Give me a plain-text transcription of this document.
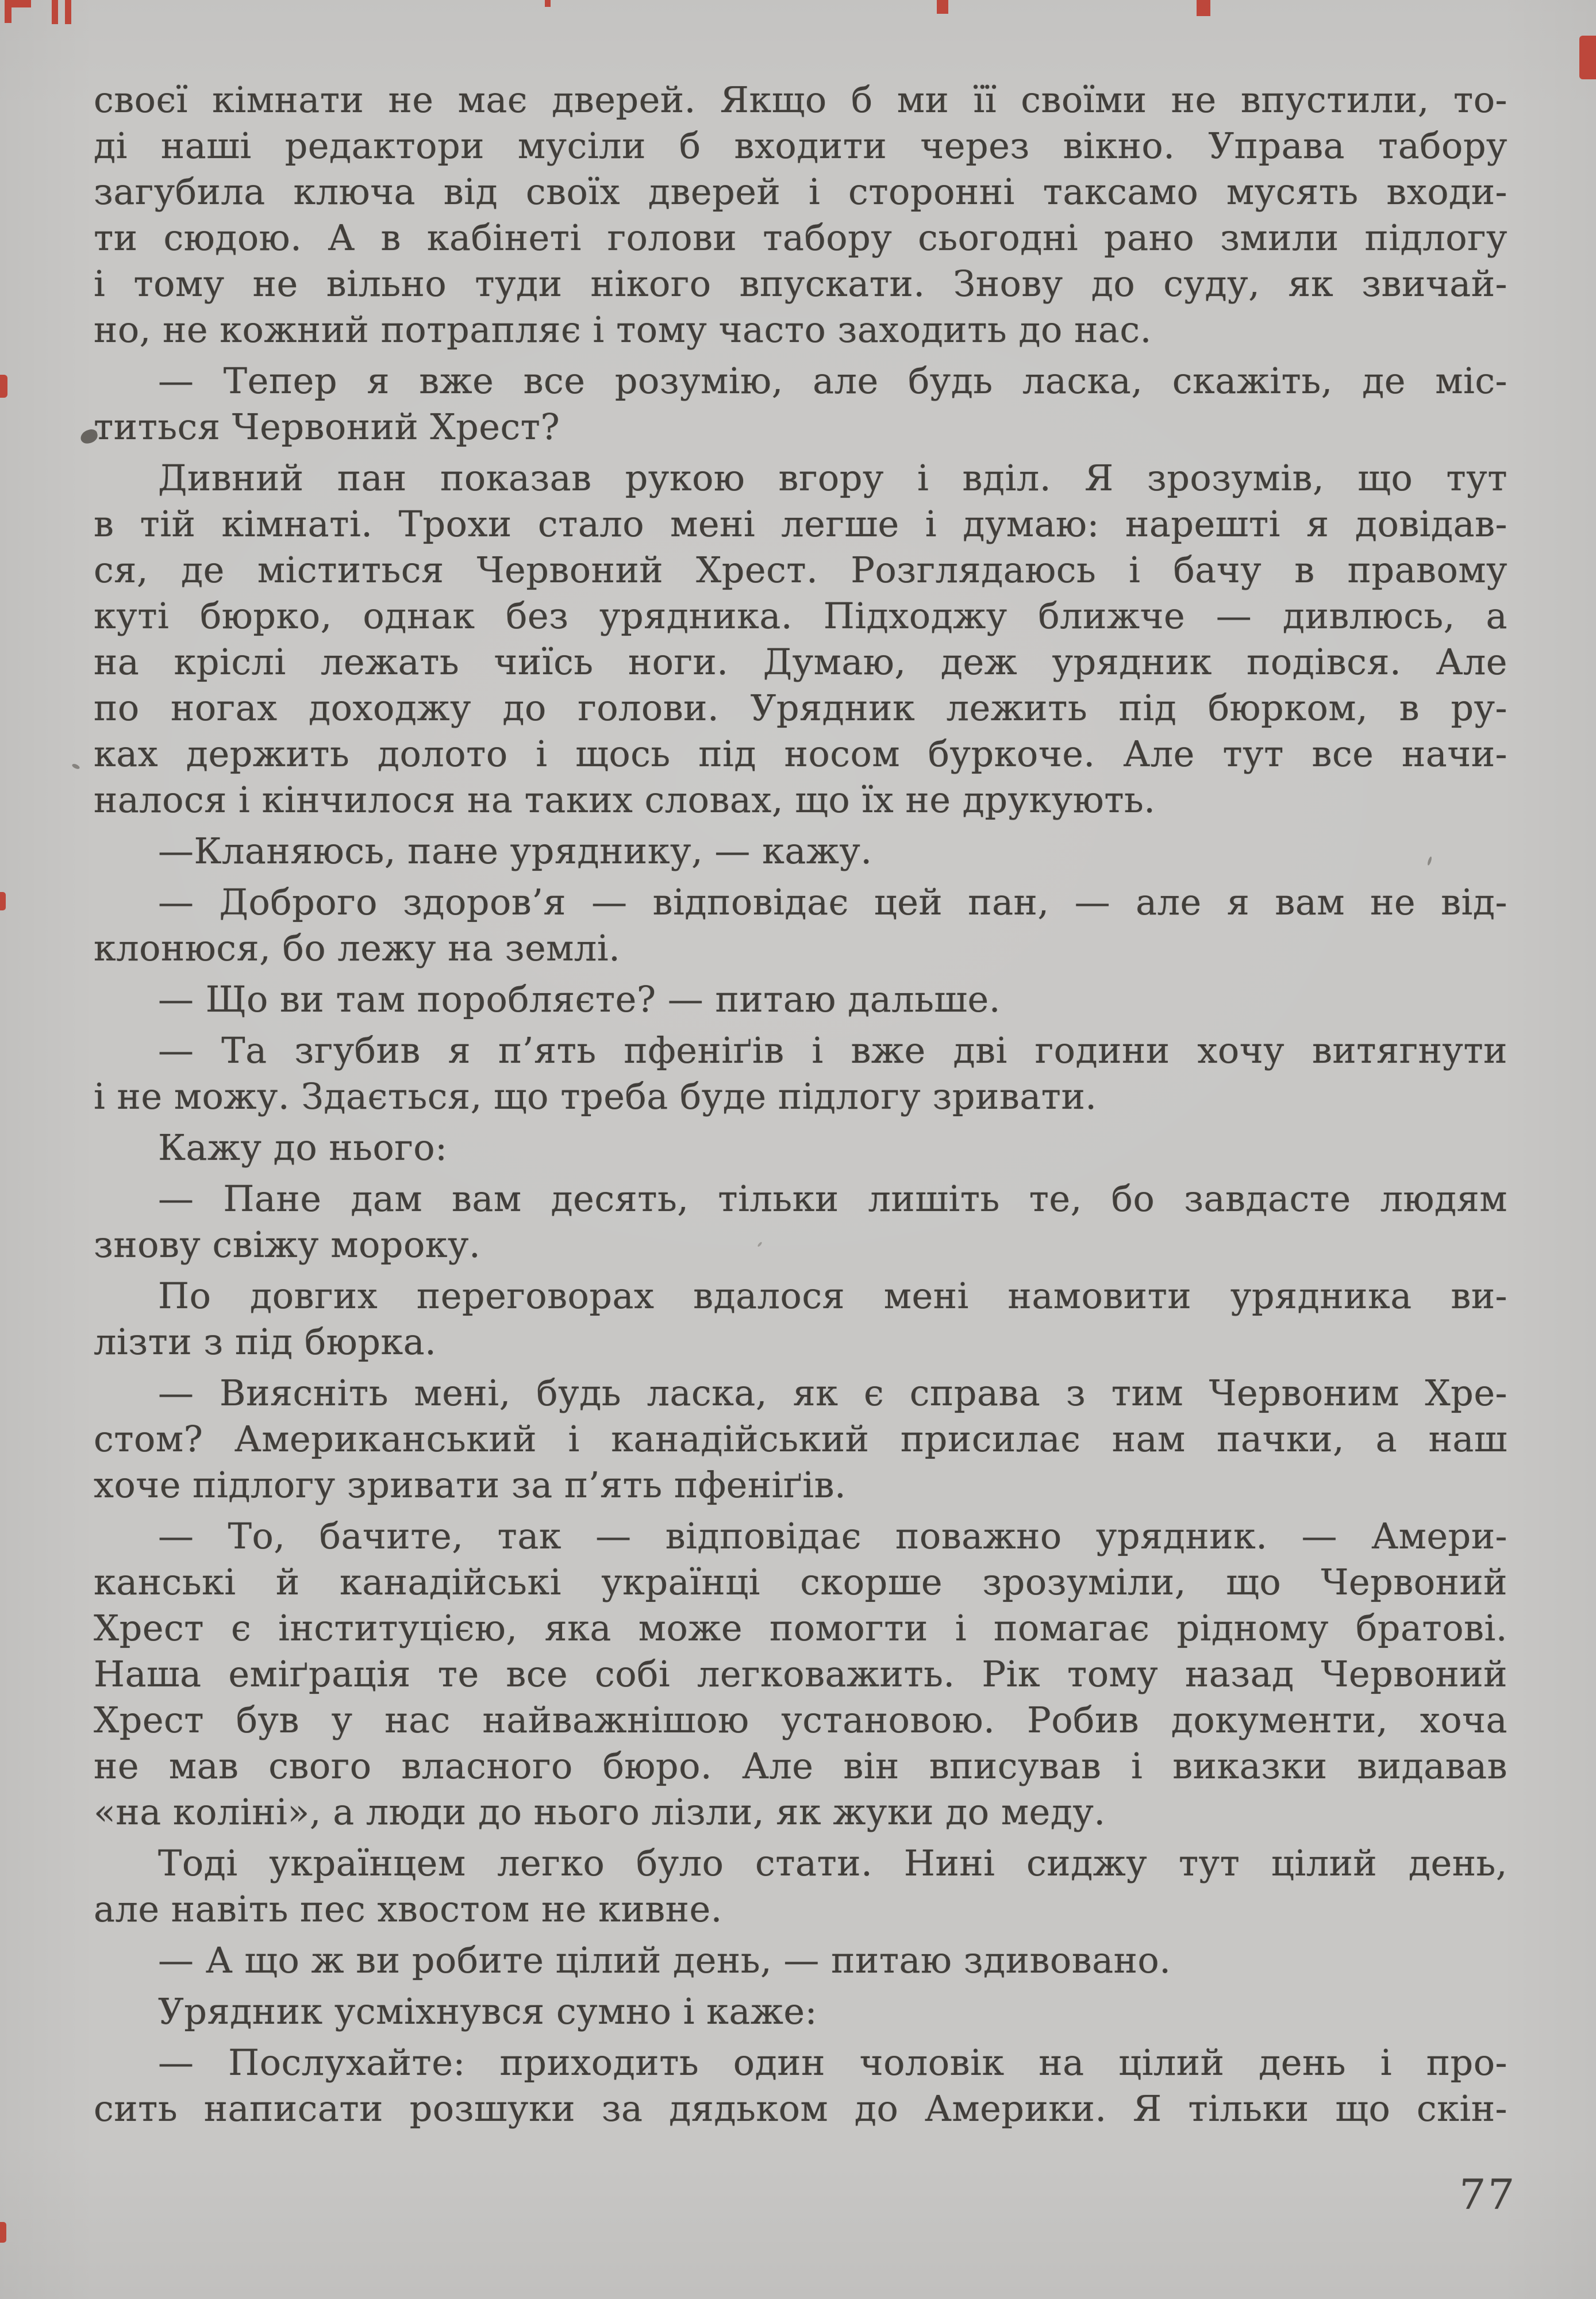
своєї кімнати не має дверей. Якщо б ми її своїми не впустили, то-
ді наші редактори мусіли б входити через вікно. Управа табору
загубила ключа від своїх дверей і сторонні таксамо мусять входи-
ти сюдою. А в кабінеті голови табору сьогодні рано змили підлогу
і тому не вільно туди нікого впускати. Знову до суду, як звичай-
но, не кожний потрапляє і тому часто заходить до нас.
— Тепер я вже все розумію, але будь ласка, скажіть, де міс-
титься Червоний Хрест?
Дивний пан показав рукою вгору і вділ. Я зрозумів, що тут
в тій кімнаті. Трохи стало мені легше і думаю: нарешті я довідав-
ся, де міститься Червоний Хрест. Розглядаюсь і бачу в правому
куті бюрко, однак без урядника. Підходжу ближче — дивлюсь, а
на кріслі лежать чиїсь ноги. Думаю, деж урядник подівся. Але
по ногах доходжу до голови. Урядник лежить під бюрком, в ру-
ках держить долото і щось під носом буркоче. Але тут все начи-
налося і кінчилося на таких словах, що їх не друкують.
—Кланяюсь, пане уряднику, — кажу.
— Доброго здоров’я — відповідає цей пан, — але я вам не від-
клонюся, бо лежу на землі.
— Що ви там поробляєте? — питаю дальше.
— Та згубив я п’ять пфеніґів і вже дві години хочу витягнути
і не можу. Здається, що треба буде підлогу зривати.
Кажу до нього:
— Пане дам вам десять, тільки лишіть те, бо завдасте людям
знову свіжу мороку.
По довгих переговорах вдалося мені намовити урядника ви-
лізти з під бюрка.
— Виясніть мені, будь ласка, як є справа з тим Червоним Хре-
стом? Американський і канадійський присилає нам пачки, а наш
хоче підлогу зривати за п’ять пфеніґів.
— То, бачите, так — відповідає поважно урядник. — Амери-
канські й канадійські українці скорше зрозуміли, що Червоний
Хрест є інституцією, яка може помогти і помагає рідному братові.
Наша еміґрація те все собі легковажить. Рік тому назад Червоний
Хрест був у нас найважнішою установою. Робив документи, хоча
не мав свого власного бюро. Але він вписував і виказки видавав
«на коліні», а люди до нього лізли, як жуки до меду.
Тоді українцем легко було стати. Нині сиджу тут цілий день,
але навіть пес хвостом не кивне.
— А що ж ви робите цілий день, — питаю здивовано.
Урядник усміхнувся сумно і каже:
— Послухайте: приходить один чоловік на цілий день і про-
сить написати розшуки за дядьком до Америки. Я тільки що скін-
77
